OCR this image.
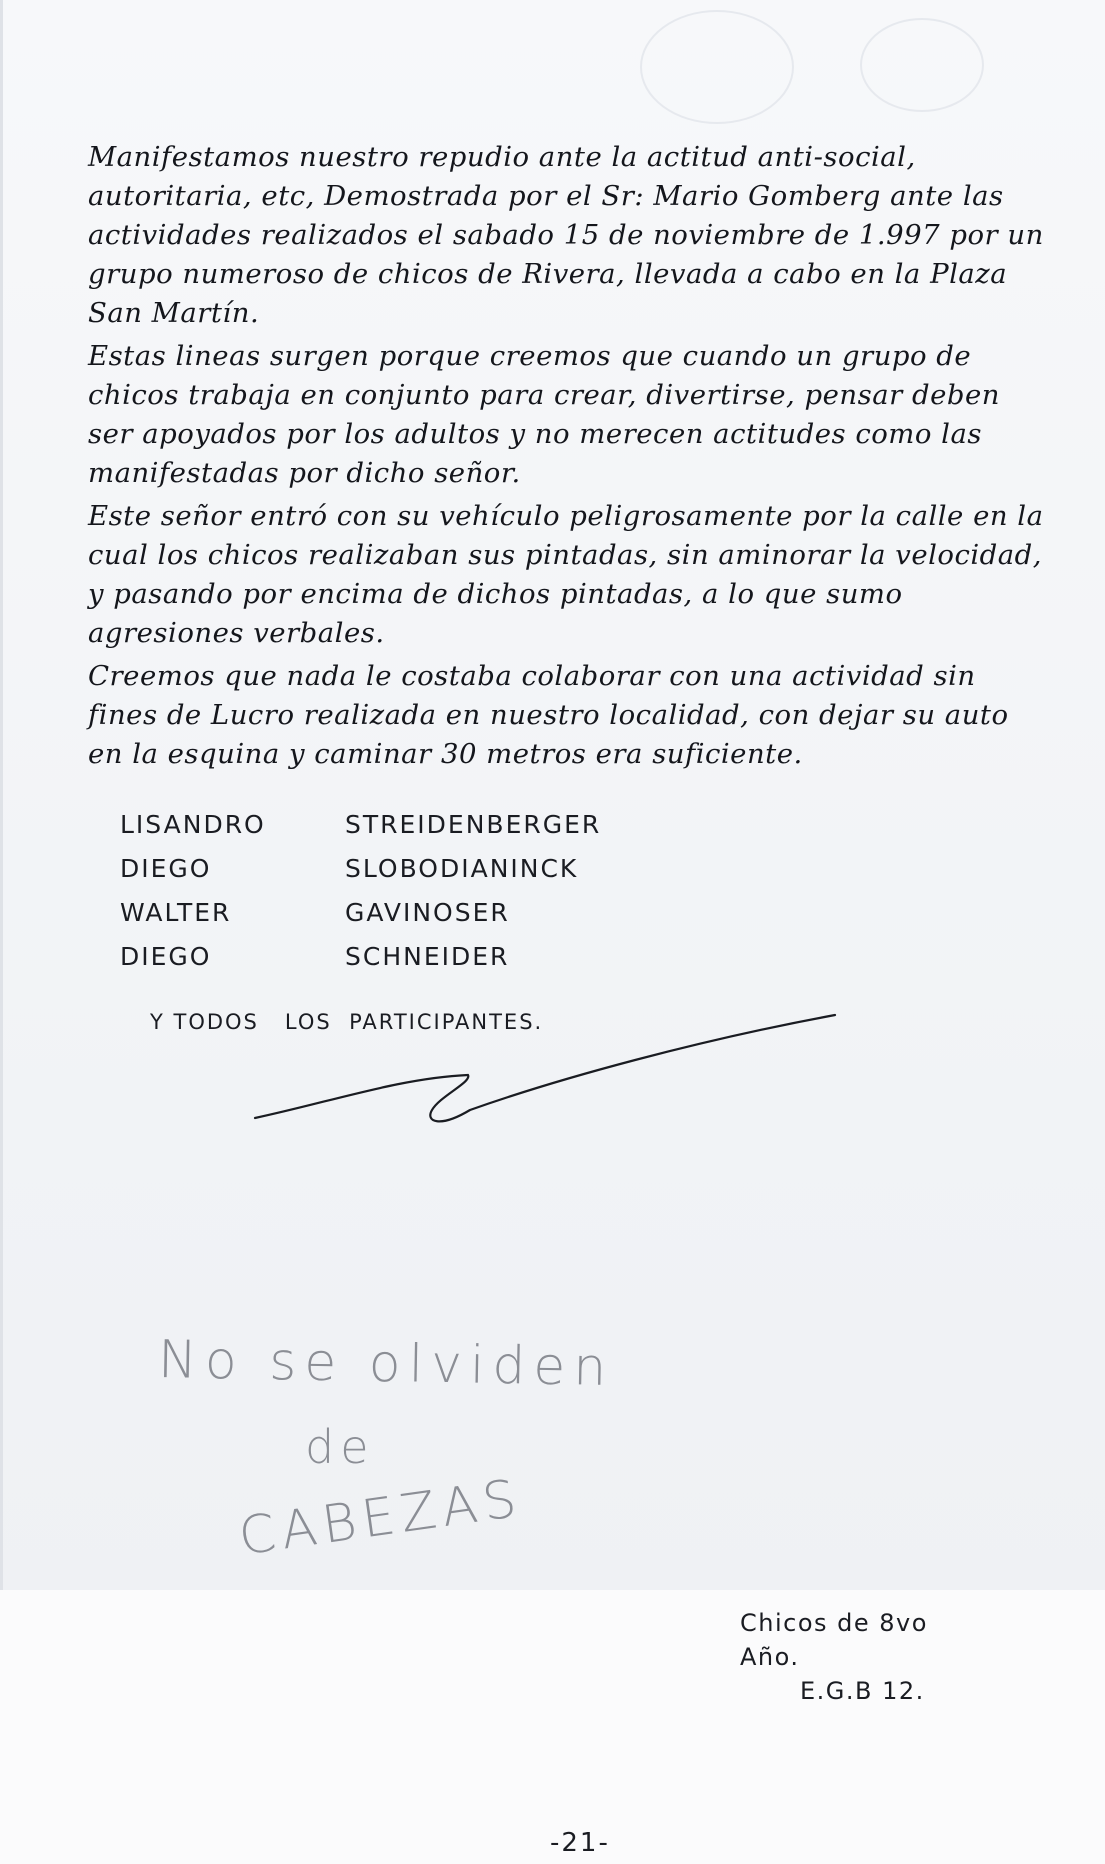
Manifestamos nuestro repudio ante la actitud anti-social, autoritaria, etc, Demostrada por el Sr: Mario Gomberg ante las actividades realizados el sabado 15 de noviembre de 1.997 por un grupo numeroso de chicos de Rivera, llevada a cabo en la Plaza San Martín.

Estas lineas surgen porque creemos que cuando un grupo de chicos trabaja en conjunto para crear, divertirse, pensar deben ser apoyados por los adultos y no merecen actitudes como las manifestadas por dicho señor.

Este señor entró con su vehículo peligrosamente por la calle en la cual los chicos realizaban sus pintadas, sin aminorar la velocidad, y pasando por encima de dichos pintadas, a lo que sumo agresiones verbales.

Creemos que nada le costaba colaborar con una actividad sin fines de Lucro realizada en nuestro localidad, con dejar su auto en la esquina y caminar 30 metros era suficiente.

LISANDRO	STREIDENBERGER
DIEGO	SLOBODIANINCK
WALTER	GAVINOSER
DIEGO	SCHNEIDER
Y TODOS   LOS  PARTICIPANTES.
No se olviden
de
CABEZAS
Chicos de 8vo
Año.
E.G.B 12.
-21-
